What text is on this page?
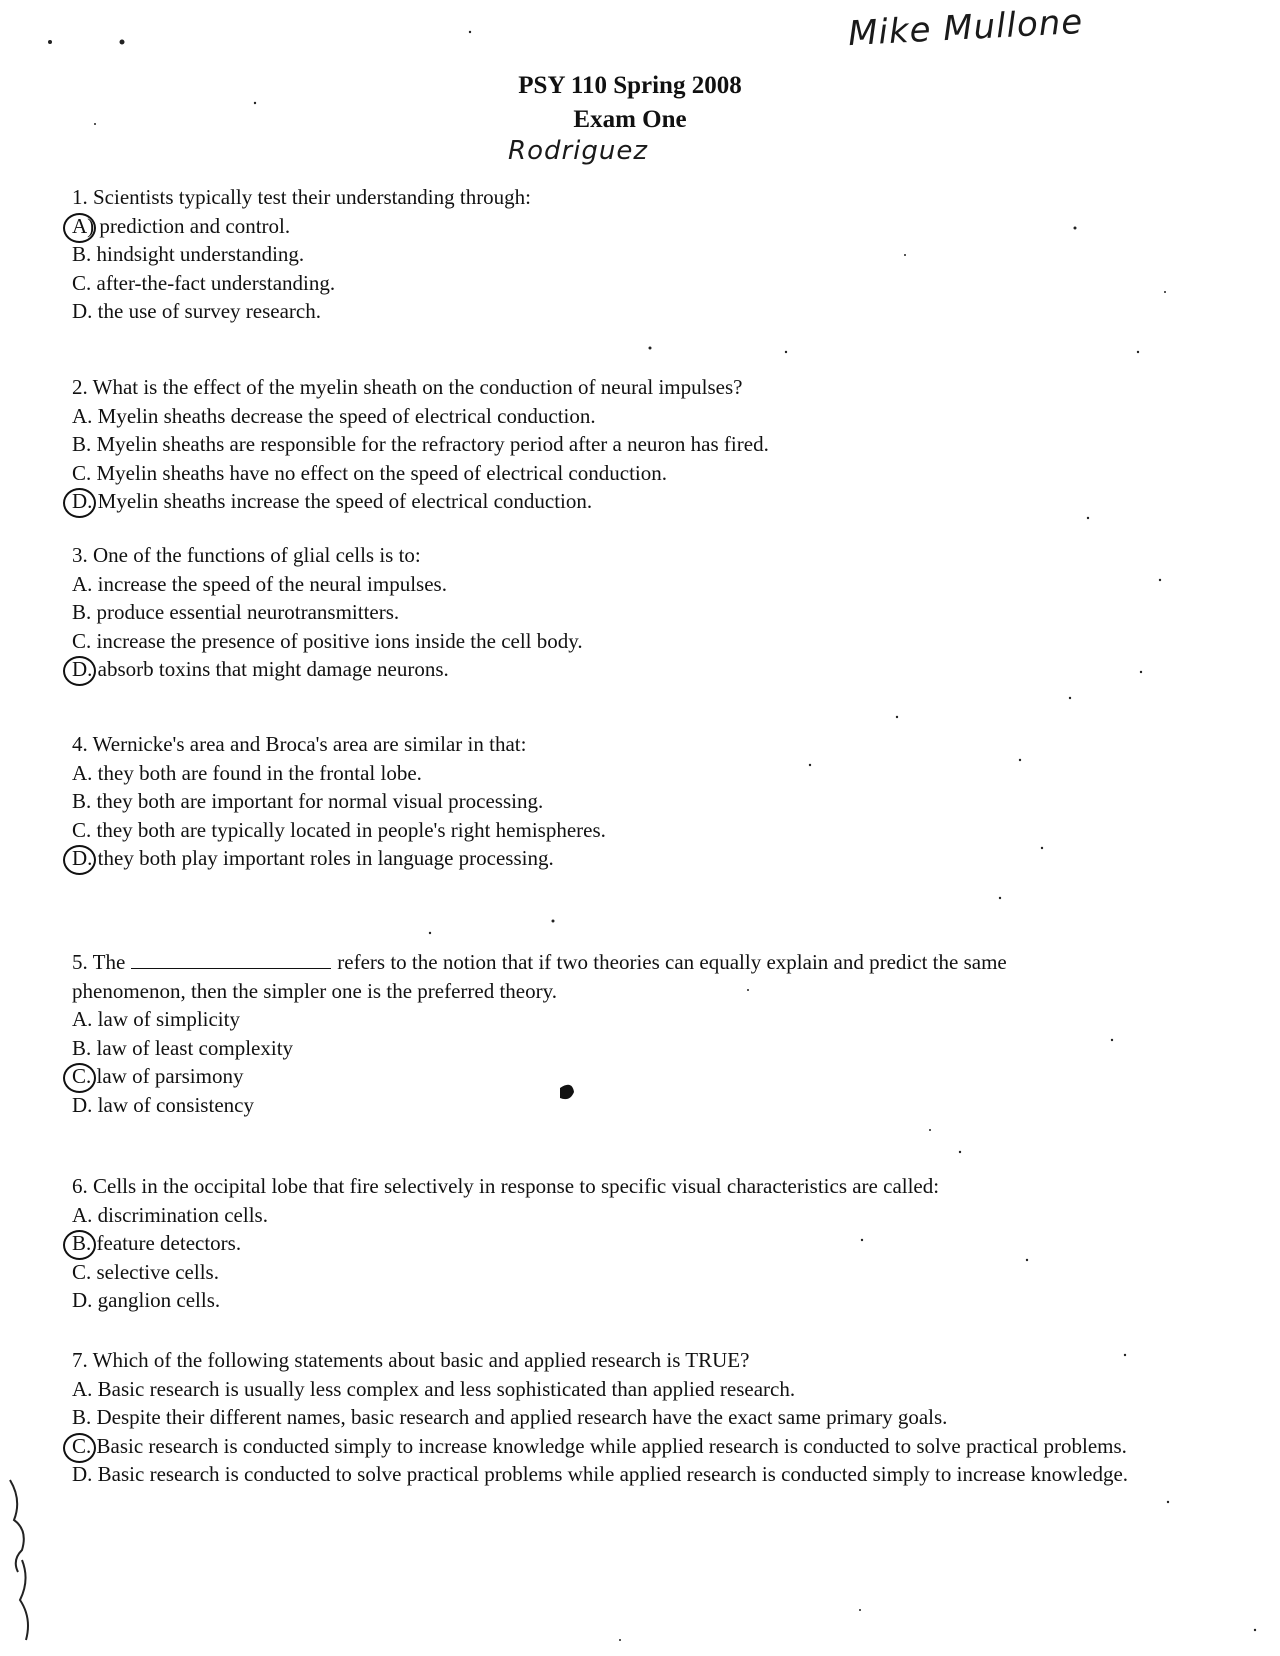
Mike Mullone
PSY 110 Spring 2008
Exam One
Rodriguez

1. Scientists typically test their understanding through:

A) prediction and control.
B. hindsight understanding.
C. after-the-fact understanding.
D. the use of survey research.

2. What is the effect of the myelin sheath on the conduction of neural impulses?

A. Myelin sheaths decrease the speed of electrical conduction.
B. Myelin sheaths are responsible for the refractory period after a neuron has fired.
C. Myelin sheaths have no effect on the speed of electrical conduction.
D. Myelin sheaths increase the speed of electrical conduction.

3. One of the functions of glial cells is to:

A. increase the speed of the neural impulses.
B. produce essential neurotransmitters.
C. increase the presence of positive ions inside the cell body.
D. absorb toxins that might damage neurons.

4. Wernicke's area and Broca's area are similar in that:

A. they both are found in the frontal lobe.
B. they both are important for normal visual processing.
C. they both are typically located in people's right hemispheres.
D. they both play important roles in language processing.

5. The	refers to the notion that if two theories can equally explain and predict the same

phenomenon, then the simpler one is the preferred theory.

A. law of simplicity
B. law of least complexity
C. law of parsimony
D. law of consistency

6. Cells in the occipital lobe that fire selectively in response to specific visual characteristics are called:

A. discrimination cells.
B. feature detectors.
C. selective cells.
D. ganglion cells.

7. Which of the following statements about basic and applied research is TRUE?

A. Basic research is usually less complex and less sophisticated than applied research.
B. Despite their different names, basic research and applied research have the exact same primary goals.
C. Basic research is conducted simply to increase knowledge while applied research is conducted to solve practical problems.
D. Basic research is conducted to solve practical problems while applied research is conducted simply to increase knowledge.
